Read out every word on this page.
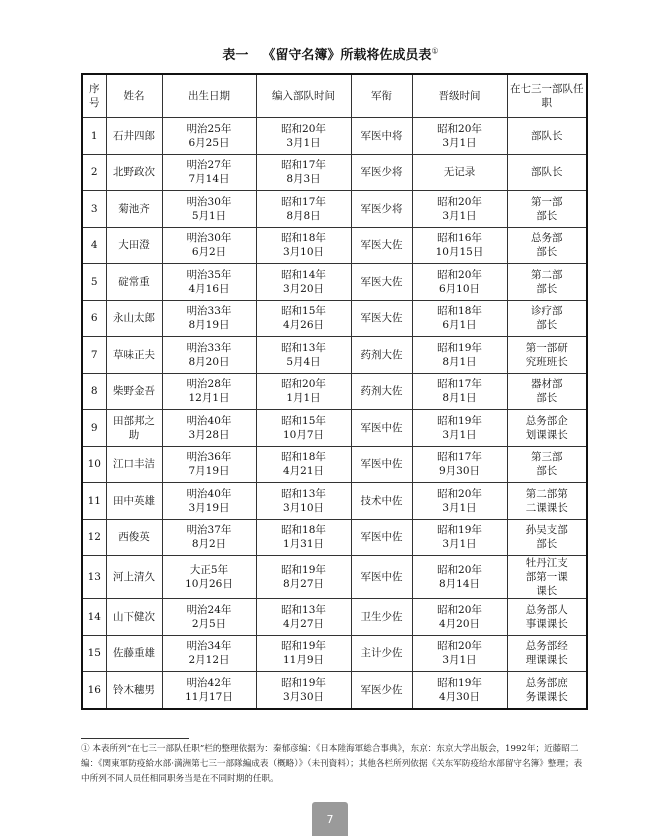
表一 《留守名簿》所载将佐成员表①
序号	姓名	出生日期	编入部队时间	军衔	晋级时间	在七三一部队任职

1	石井四郎	明治25年
6月25日	昭和20年
3月1日	军医中将	昭和20年
3月1日	部队长

2	北野政次	明治27年
7月14日	昭和17年
8月3日	军医少将	无记录	部队长

3	菊池齐	明治30年
5月1日	昭和17年
8月8日	军医少将	昭和20年
3月1日	第一部
部长

4	大田澄	明治30年
6月2日	昭和18年
3月10日	军医大佐	昭和16年
10月15日	总务部
部长

5	碇常重	明治35年
4月16日	昭和14年
3月20日	军医大佐	昭和20年
6月10日	第二部
部长

6	永山太郎	明治33年
8月19日	昭和15年
4月26日	军医大佐	昭和18年
6月1日	诊疗部
部长

7	草味正夫	明治33年
8月20日	昭和13年
5月4日	药剂大佐	昭和19年
8月1日	第一部研
究班班长

8	柴野金吾	明治28年
12月1日	昭和20年
1月1日	药剂大佐	昭和17年
8月1日	器材部
部长

9	田部邦之助	明治40年
3月28日	昭和15年
10月7日	军医中佐	昭和19年
3月1日	总务部企
划课课长

10	江口丰洁	明治36年
7月19日	昭和18年
4月21日	军医中佐	昭和17年
9月30日	第三部
部长

11	田中英雄	明治40年
3月19日	昭和13年
3月10日	技术中佐	昭和20年
3月1日	第二部第
二课课长

12	西俊英	明治37年
8月2日	昭和18年
1月31日	军医中佐	昭和19年
3月1日	孙吴支部
部长

13	河上清久	大正5年
10月26日	昭和19年
8月27日	军医中佐	昭和20年
8月14日	牡丹江支
部第一课
课长

14	山下健次	明治24年
2月5日	昭和13年
4月27日	卫生少佐	昭和20年
4月20日	总务部人
事课课长

15	佐藤重雄	明治34年
2月12日	昭和19年
11月9日	主计少佐	昭和20年
3月1日	总务部经
理课课长

16	铃木穗男	明治42年
11月17日	昭和19年
3月30日	军医少佐	昭和19年
4月30日	总务部庶
务课课长
① 本表所列“在七三一部队任职”栏的整理依据为：秦郁彦编：《日本陸海軍総合事典》，东京：东京大学出版会，1992年；近藤昭二编：《関東軍防疫給水部·満洲第七三一部隊編成表（概略）》（未刊資料）；其他各栏所列依据《关东军防疫给水部留守名簿》整理；表中所列不同人员任相同职务当是在不同时期的任职。
7
